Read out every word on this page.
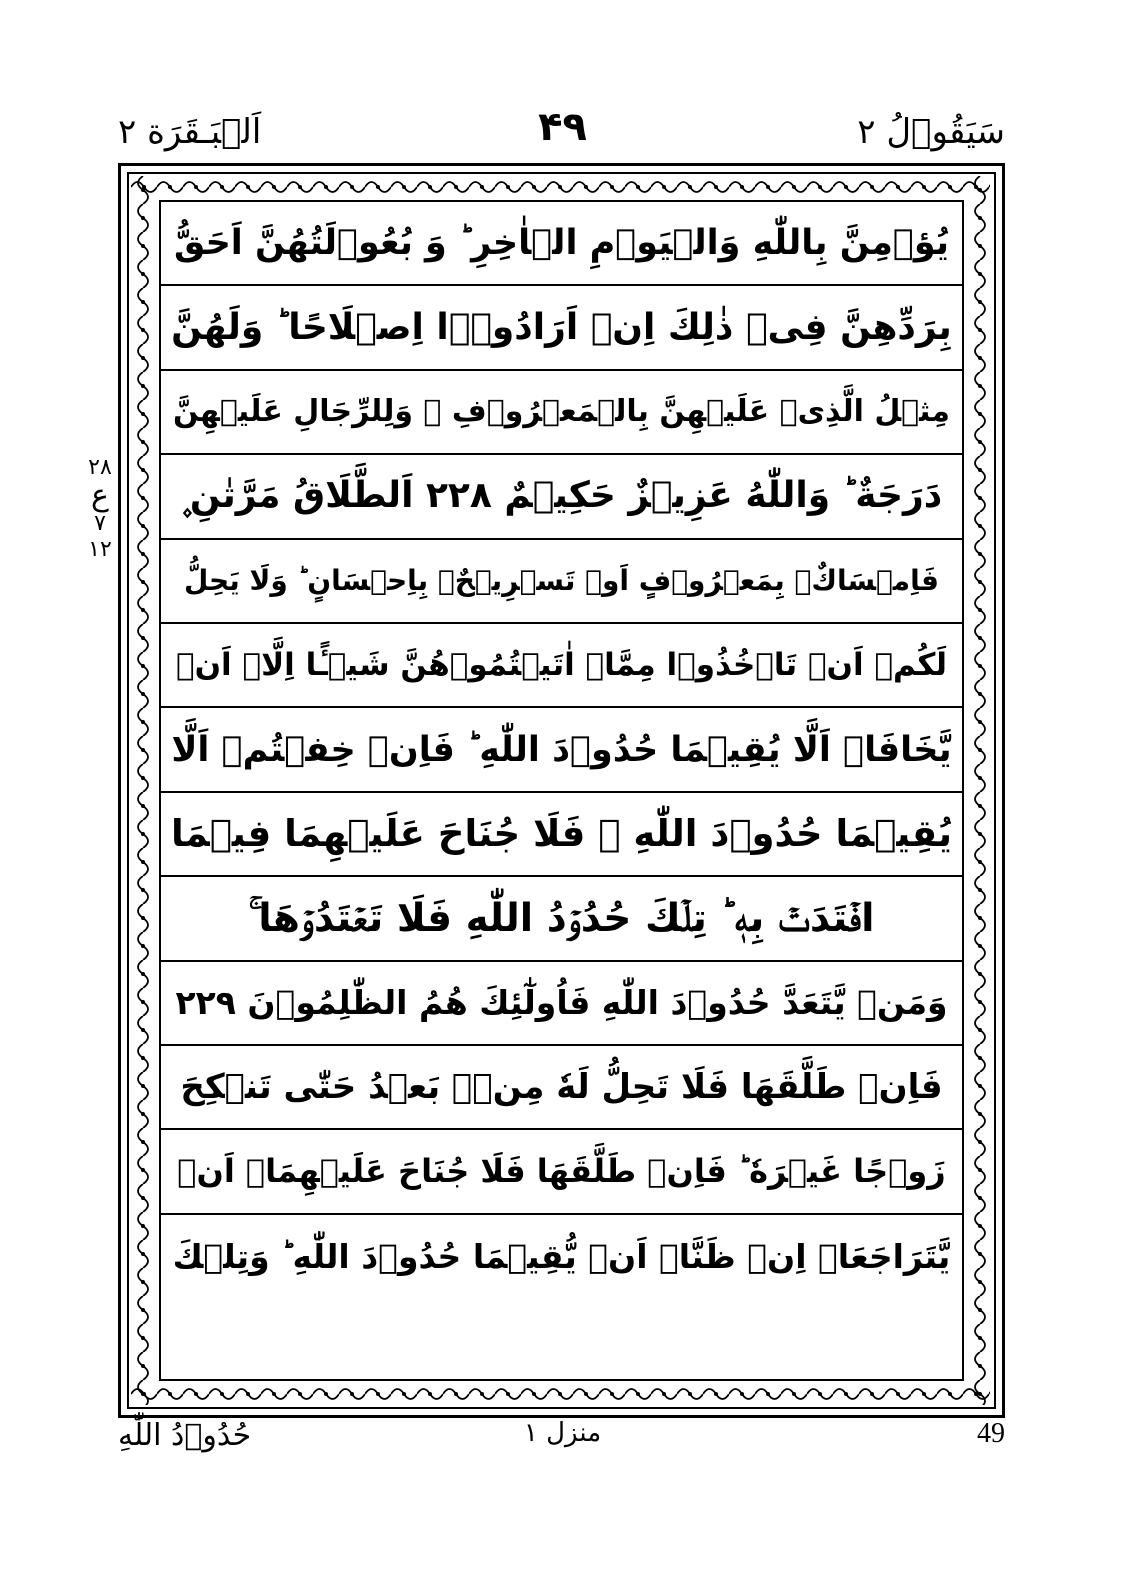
سَیَقُوۡلُ ۲
۴۹
اَلۡبَـقَرَة ۲
۲۸
ع
۷
۱۲
یُؤۡمِنَّ بِاللّٰهِ وَالۡیَوۡمِ الۡاٰخِرِ ؕ وَ بُعُوۡلَتُهُنَّ اَحَقُّ
بِرَدِّهِنَّ فِیۡ ذٰلِكَ اِنۡ اَرَادُوۡۤا اِصۡلَاحًا ؕ وَلَهُنَّ
مِثۡلُ الَّذِیۡ عَلَیۡهِنَّ بِالۡمَعۡرُوۡفِ ۪ وَلِلرِّجَالِ عَلَیۡهِنَّ
دَرَجَةٌ ؕ وَاللّٰهُ عَزِیۡزٌ حَكِیۡمٌ ۲۲۸ اَلطَّلَاقُ مَرَّتٰنِ ۪
فَاِمۡسَاكٌۢ بِمَعۡرُوۡفٍ اَوۡ تَسۡرِیۡحٌۢ بِاِحۡسَانٍ ؕ وَلَا یَحِلُّ
لَكُمۡ اَنۡ تَاۡخُذُوۡا مِمَّاۤ اٰتَیۡتُمُوۡهُنَّ شَیۡـًٔا اِلَّاۤ اَنۡ
یَّخَافَاۤ اَلَّا یُقِیۡمَا حُدُوۡدَ اللّٰهِ ؕ فَاِنۡ خِفۡتُمۡ اَلَّا
یُقِیۡمَا حُدُوۡدَ اللّٰهِ ۙ فَلَا جُنَاحَ عَلَیۡهِمَا فِیۡمَا
افۡتَدَتۡ بِهٖ ؕ تِلۡكَ حُدُوۡدُ اللّٰهِ فَلَا تَعۡتَدُوۡهَا ۚ
وَمَنۡ یَّتَعَدَّ حُدُوۡدَ اللّٰهِ فَاُولٰٓئِكَ هُمُ الظّٰلِمُوۡنَ ۲۲۹
فَاِنۡ طَلَّقَهَا فَلَا تَحِلُّ لَهٗ مِنۡۢ بَعۡدُ حَتّٰی تَنۡكِحَ
زَوۡجًا غَیۡرَهٗ ؕ فَاِنۡ طَلَّقَهَا فَلَا جُنَاحَ عَلَیۡهِمَاۤ اَنۡ
یَّتَرَاجَعَاۤ اِنۡ ظَنَّاۤ اَنۡ یُّقِیۡمَا حُدُوۡدَ اللّٰهِ ؕ وَتِلۡكَ
حُدُوۡدُ اللّٰهِ	منزل ۱	49
